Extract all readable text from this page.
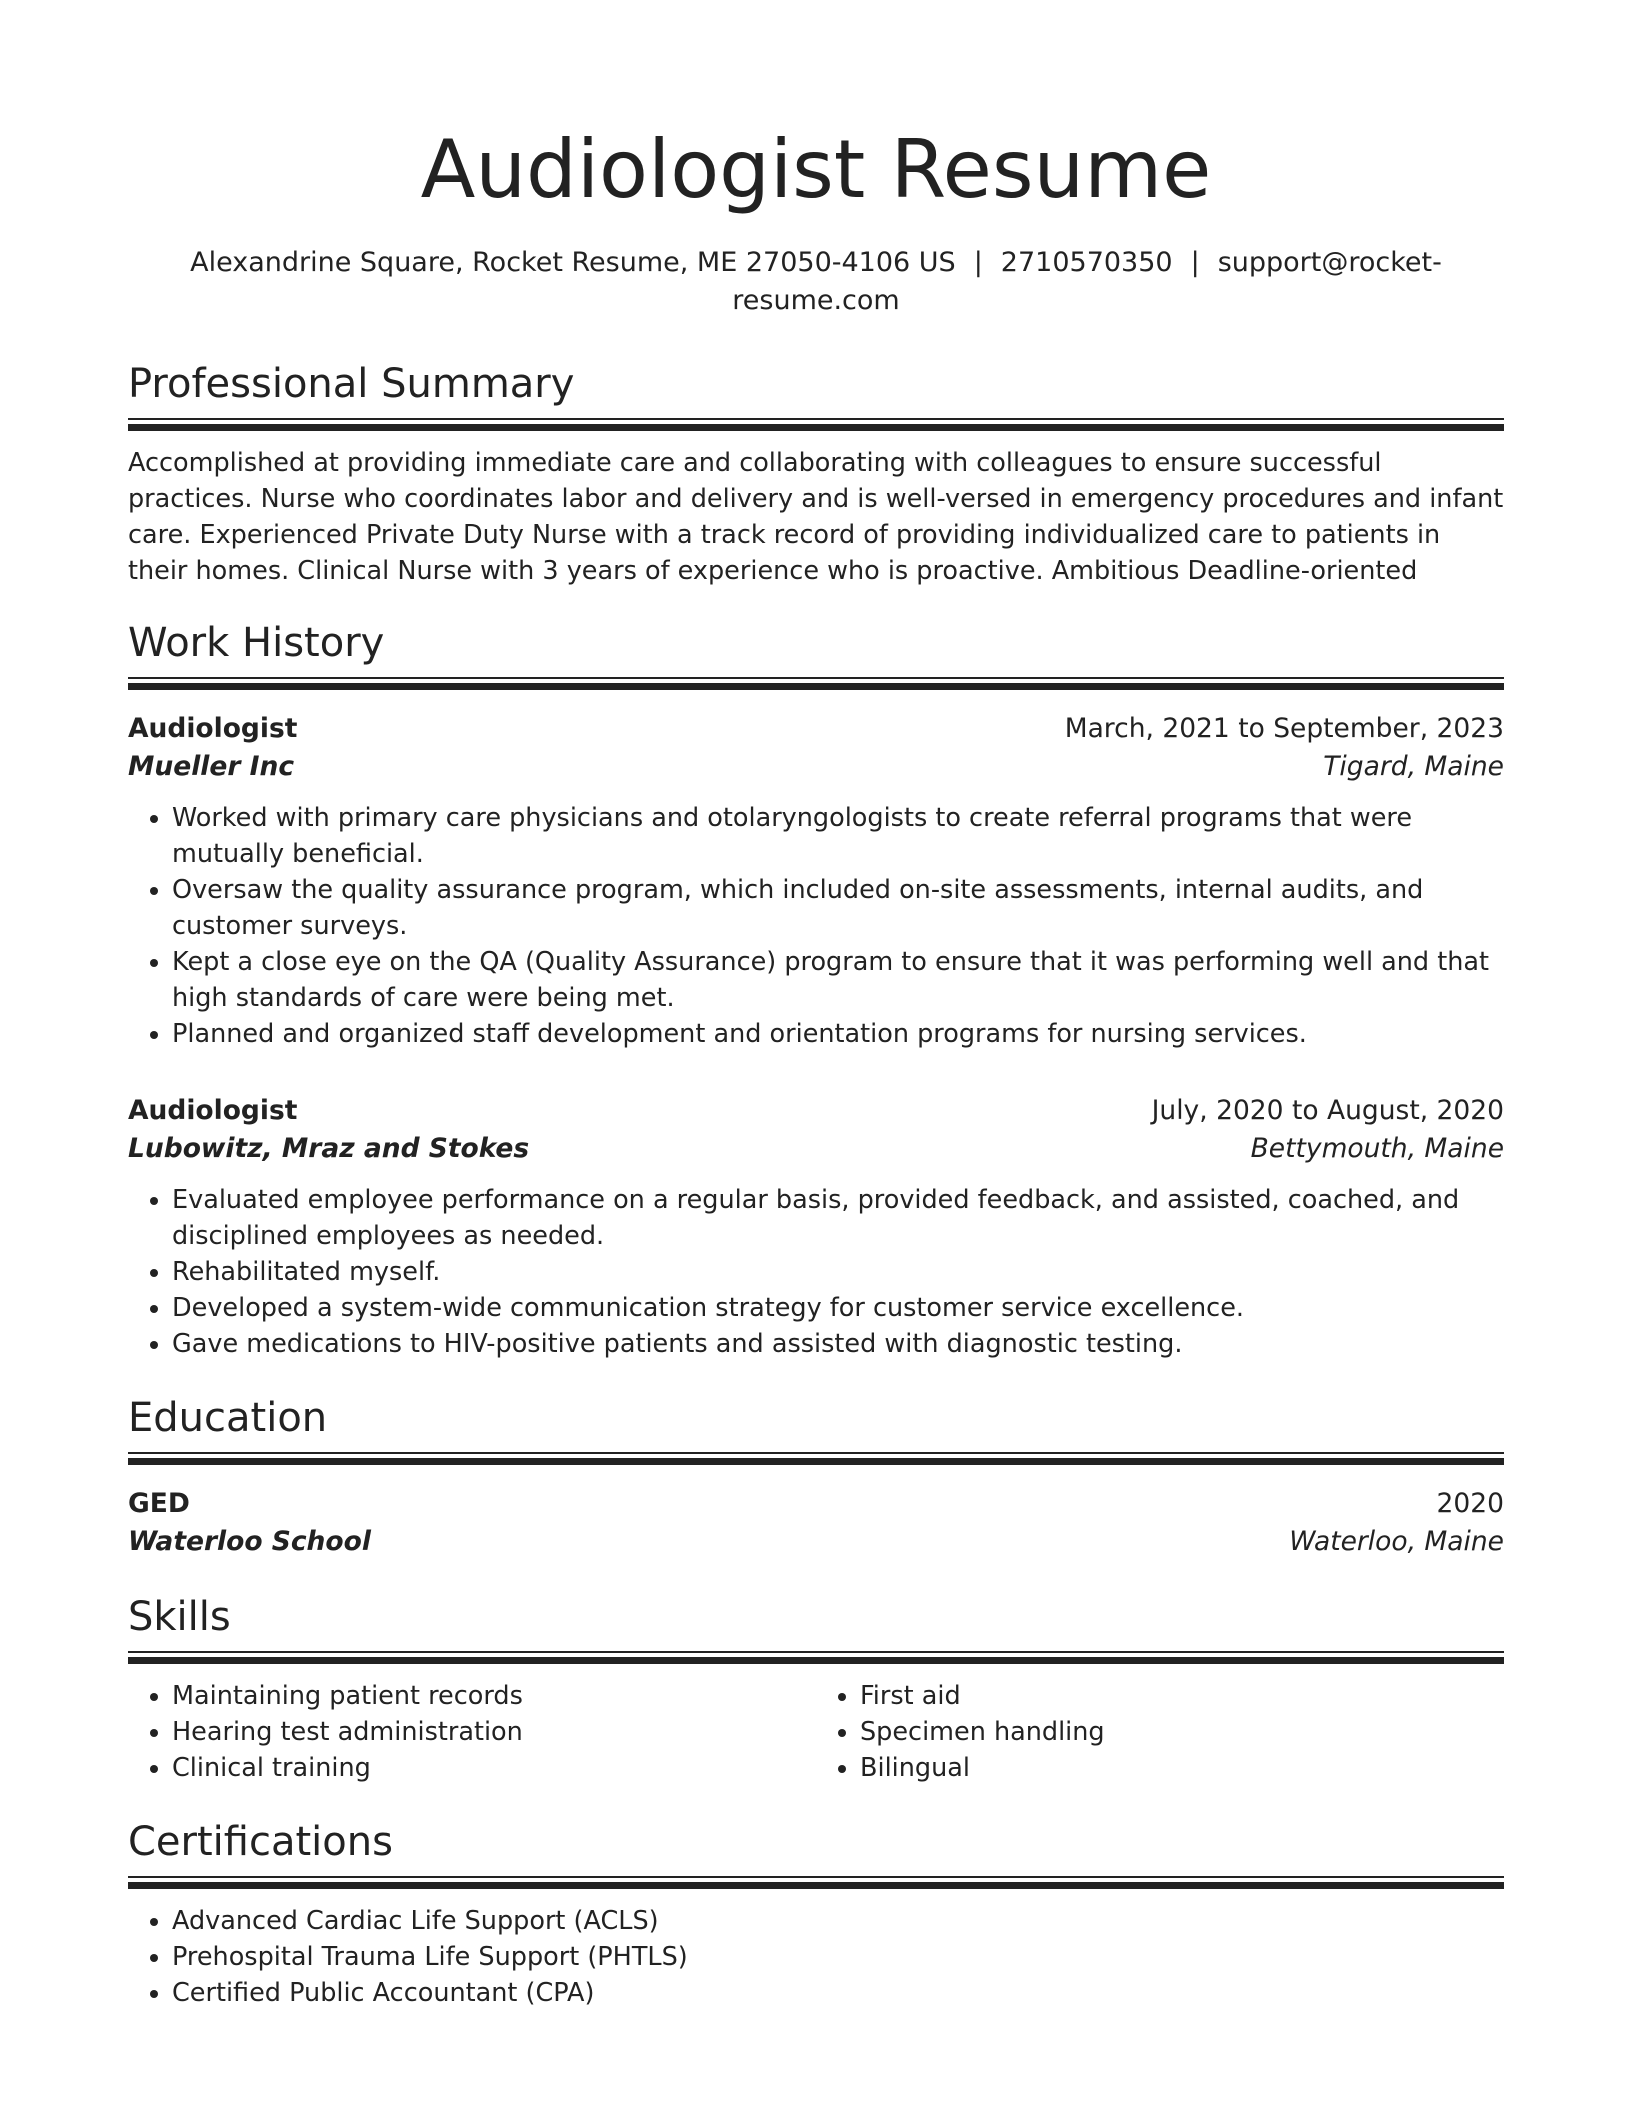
Audiologist Resume
Alexandrine Square, Rocket Resume, ME 27050-4106 US | 2710570350 | support@rocket-resume.com
Professional Summary
Accomplished at providing immediate care and collaborating with colleagues to ensure successful practices. Nurse who coordinates labor and delivery and is well-versed in emergency procedures and infant care. Experienced Private Duty Nurse with a track record of providing individualized care to patients in their homes. Clinical Nurse with 3 years of experience who is proactive. Ambitious Deadline-oriented
Work History
Audiologist	March, 2021 to September, 2023
Mueller Inc	Tigard, Maine
• Worked with primary care physicians and otolaryngologists to create referral programs that were mutually beneficial.
• Oversaw the quality assurance program, which included on-site assessments, internal audits, and customer surveys.
• Kept a close eye on the QA (Quality Assurance) program to ensure that it was performing well and that high standards of care were being met.
• Planned and organized staff development and orientation programs for nursing services.
Audiologist	July, 2020 to August, 2020
Lubowitz, Mraz and Stokes	Bettymouth, Maine
• Evaluated employee performance on a regular basis, provided feedback, and assisted, coached, and disciplined employees as needed.
• Rehabilitated myself.
• Developed a system-wide communication strategy for customer service excellence.
• Gave medications to HIV-positive patients and assisted with diagnostic testing.
Education
GED	2020
Waterloo School	Waterloo, Maine
Skills
• Maintaining patient records
• Hearing test administration
• Clinical training
• First aid
• Specimen handling
• Bilingual
Certifications
• Advanced Cardiac Life Support (ACLS)
• Prehospital Trauma Life Support (PHTLS)
• Certified Public Accountant (CPA)
